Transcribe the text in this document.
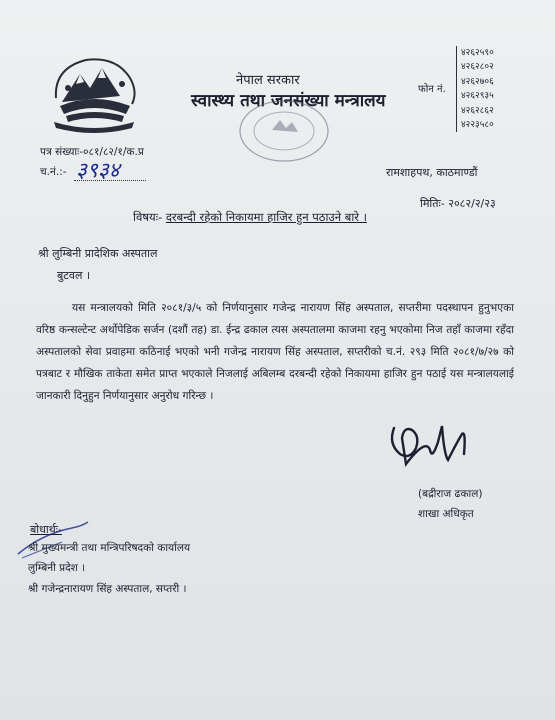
नेपाल सरकार
स्वास्थ्य तथा जनसंख्या मन्त्रालय
फोन नं.
४२६२५९०
४२६२८०२
४२६२७०६
४२६२९३५
४२६२८६२
४२२३५८०
पत्र संख्याः-०८१/८२/१/क.प्र
च.नं.:- ३९३४	रामशाहपथ, काठमाण्डौं
मितिः- २०८२/२/२३
विषयः- दरबन्दी रहेको निकायमा हाजिर हुन पठाउने बारे ।
श्री लुम्बिनी प्रादेशिक अस्पताल
बुटवल ।
यस मन्त्रालयको मिति २०८१/३/५ को निर्णयानुसार गजेन्द्र नारायण सिंह अस्पताल, सप्तरीमा पदस्थापन हुनुभएका वरिष्ठ कन्सल्टेन्ट अर्थोपेडिक सर्जन (दशौं तह) डा. ईन्द्र ढकाल त्यस अस्पतालमा काजमा रहनु भएकोमा निज तहाँ काजमा रहँदा अस्पतालको सेवा प्रवाहमा कठिनाई भएको भनी गजेन्द्र नारायण सिंह अस्पताल, सप्तरीको च.नं. २९३ मिति २०८१/७/२७ को पत्रबाट र मौखिक ताकेता समेत प्राप्त भएकाले निजलाई अबिलम्ब दरबन्दी रहेको निकायमा हाजिर हुन पठाई यस मन्त्रालयलाई जानकारी दिनुहुन निर्णयानुसार अनुरोध गरिन्छ ।
(बद्रीराज ढकाल)
शाखा अधिकृत
बोधार्थः-
श्री मुख्यमन्त्री तथा मन्त्रिपरिषदको कार्यालय
लुम्बिनी प्रदेश ।
श्री गजेन्द्रनारायण सिंह अस्पताल, सप्तरी ।
